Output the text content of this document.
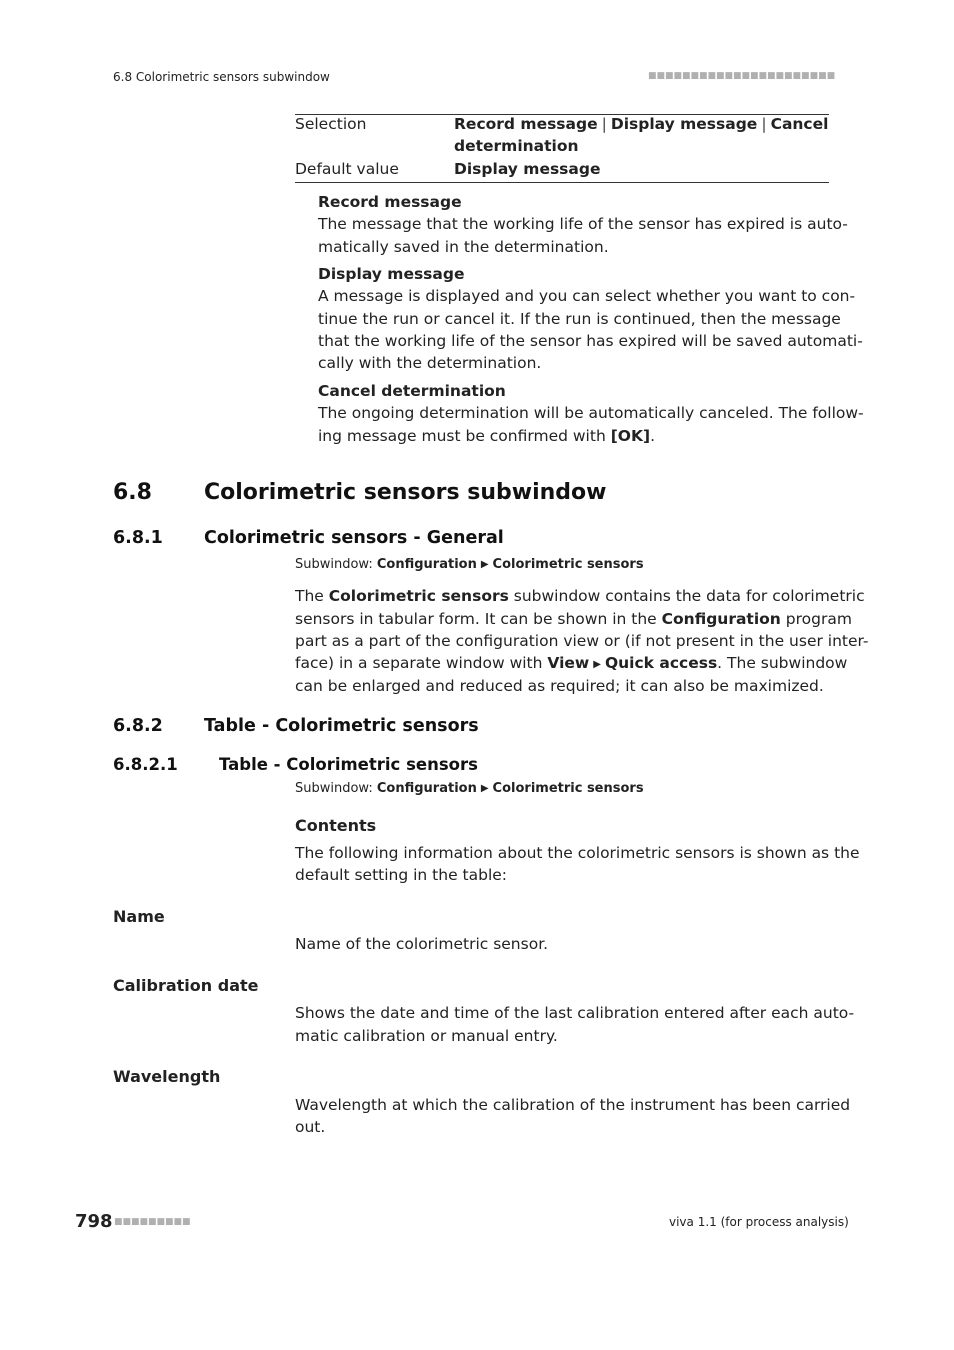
6.8 Colorimetric sensors subwindow	■■■■■■■■■■■■■■■■■■■■■■
Selection	Record message | Display message | Cancel
determination
Default value	Display message
Record message
The message that the working life of the sensor has expired is auto-
matically saved in the determination.
Display message
A message is displayed and you can select whether you want to con-
tinue the run or cancel it. If the run is continued, then the message
that the working life of the sensor has expired will be saved automati-
cally with the determination.
Cancel determination
The ongoing determination will be automatically canceled. The follow-
ing message must be confirmed with [OK].
6.8 Colorimetric sensors subwindow
6.8.1 Colorimetric sensors - General
Subwindow: Configuration ▶ Colorimetric sensors
The Colorimetric sensors subwindow contains the data for colorimetric
sensors in tabular form. It can be shown in the Configuration program
part as a part of the configuration view or (if not present in the user inter-
face) in a separate window with View ▶ Quick access. The subwindow
can be enlarged and reduced as required; it can also be maximized.
6.8.2 Table - Colorimetric sensors
6.8.2.1	Table - Colorimetric sensors
Subwindow: Configuration ▶ Colorimetric sensors
Contents
The following information about the colorimetric sensors is shown as the
default setting in the table:
Name
Name of the colorimetric sensor.
Calibration date
Shows the date and time of the last calibration entered after each auto-
matic calibration or manual entry.
Wavelength
Wavelength at which the calibration of the instrument has been carried
out.
798 ■■■■■■■■■	viva 1.1 (for process analysis)
